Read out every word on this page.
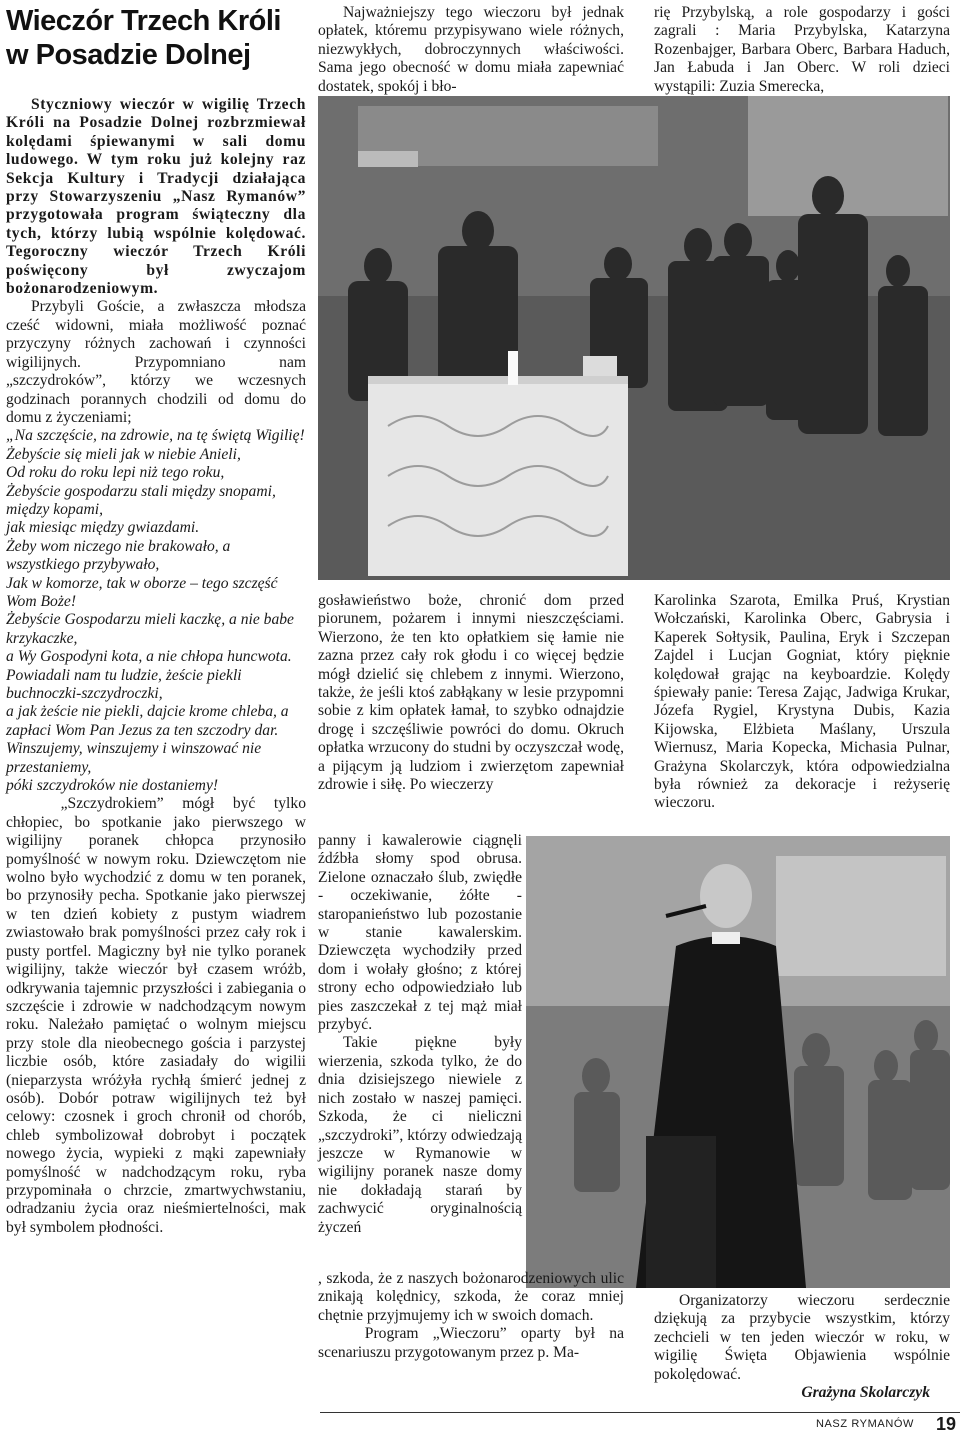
Wieczór Trzech Króli w Posadzie Dolnej

Styczniowy wieczór w wigilię Trzech Króli na Posadzie Dolnej rozbrzmiewał kolędami śpiewanymi w sali domu ludowego. W tym roku już kolejny raz Sekcja Kultury i Tradycji działająca przy Stowarzyszeniu „Nasz Rymanów” przygotowała program świąteczny dla tych, którzy lubią wspólnie kolędować. Tegoroczny wieczór Trzech Króli poświęcony był zwyczajom bożonarodzeniowym.

Przybyli Goście, a zwłaszcza młodsza cześć widowni, miała możliwość poznać przyczyny różnych zachowań i czynności wigilijnych. Przypomniano nam „szczydroków”, którzy we wczesnych godzinach porannych chodzili od domu do domu z życzeniami;

„Na szczęście, na zdrowie, na tę świętą Wigilię!

Żebyście się mieli jak w niebie Anieli,

Od roku do roku lepi niż tego roku,

Żebyście gospodarzu stali między snopami, między kopami,

jak miesiąc między gwiazdami.

Żeby wom niczego nie brakowało, a wszystkiego przybywało,

Jak w komorze, tak w oborze – tego szczęść Wom Boże!

Żebyście Gospodarzu mieli kaczkę, a nie babe krzykaczke,

a Wy Gospodyni kota, a nie chłopa huncwota.

Powiadali nam tu ludzie, żeście piekli buchnoczki-szczydroczki,

a jak żeście nie piekli, dajcie krome chleba, a zapłaci Wom Pan Jezus za ten szczodry dar.

Winszujemy, winszujemy i winszować nie przestaniemy,

póki szczydroków nie dostaniemy!

„Szczydrokiem” mógł być tylko chłopiec, bo spotkanie jako pierwszego w wigilijny poranek chłopca przynosiło pomyślność w nowym roku. Dziewczętom nie wolno było wychodzić z domu w ten poranek, bo przynosiły pecha. Spotkanie jako pierwszej w ten dzień kobiety z pustym wiadrem zwiastowało brak pomyślności przez cały rok i pusty portfel. Magiczny był nie tylko poranek wigilijny, także wieczór był czasem wróżb, odkrywania tajemnic przyszłości i zabiegania o szczęście i zdrowie w nadchodzącym nowym roku. Należało pamiętać o wolnym miejscu przy stole dla nieobecnego gościa i parzystej liczbie osób, które zasiadały do wigilii (nieparzysta wróżyła rychłą śmierć jednej z osób). Dobór potraw wigilijnych też był celowy: czosnek i groch chronił od chorób, chleb symbolizował dobrobyt i początek nowego życia, wypieki z mąki zapewniały pomyślność w nadchodzącym roku, ryba przypominała o chrzcie, zmartwychwstaniu, odradzaniu życia oraz nieśmiertelności, mak był symbolem płodności.

Najważniejszy tego wieczoru był jednak opłatek, któremu przypisywano wiele różnych, niezwykłych, dobroczynnych właściwości. Sama jego obecność w domu miała zapewniać dostatek, spokój i bło-

rię Przybylską, a role gospodarzy i gości zagrali : Maria Przybylska, Katarzyna Rozenbajger, Barbara Oberc, Barbara Haduch, Jan Łabuda i Jan Oberc. W roli dzieci wystąpili: Zuzia Smerecka,

gosławieństwo boże, chronić dom przed piorunem, pożarem i innymi nieszczęściami. Wierzono, że ten kto opłatkiem się łamie nie zazna przez cały rok głodu i co więcej będzie mógł dzielić się chlebem z innymi. Wierzono, także, że jeśli ktoś zabłąkany w lesie przypomni sobie z kim opłatek łamał, to szybko odnajdzie drogę i szczęśliwie powróci do domu. Okruch opłatka wrzucony do studni by oczyszczał wodę, a pijącym ją ludziom i zwierzętom zapewniał zdrowie i siłę. Po wieczerzy

Karolinka Szarota, Emilka Pruś, Krystian Wołczański, Karolinka Oberc, Gabrysia i Kaperek Sołtysik, Paulina, Eryk i Szczepan Zajdel i Lucjan Gogniat, który pięknie kolędował grając na keyboardzie. Kolędy śpiewały panie: Teresa Zając, Jadwiga Krukar, Józefa Rygiel, Krystyna Dubis, Kazia Kijowska, Elżbieta Maślany, Urszula Wiernusz, Maria Kopecka, Michasia Pulnar, Grażyna Skolarczyk, która odpowiedzialna była również za dekoracje i reżyserię wieczoru.

panny i kawalerowie ciągnęli źdźbła słomy spod obrusa. Zielone oznaczało ślub, zwiędłe - oczekiwanie, żółte - staropanieństwo lub pozostanie w stanie kawalerskim. Dziewczęta wychodziły przed dom i wołały głośno; z której strony echo odpowiedziało lub pies zaszczekał z tej mąż miał przybyć.

Takie piękne były wierzenia, szkoda tylko, że do dnia dzisiejszego niewiele z nich zostało w naszej pamięci. Szkoda, że ci nieliczni „szczydroki”, którzy odwiedzają jeszcze w Rymanowie w wigilijny poranek nasze domy nie dokładają starań by zachwycić oryginalnością życzeń

, szkoda, że z naszych bożonarodzeniowych ulic znikają kolędnicy, szkoda, że coraz mniej chętnie przyjmujemy ich w swoich domach.

Program „Wieczoru” oparty był na scenariuszu przygotowanym przez p. Ma-

Organizatorzy wieczoru serdecznie dziękują za przybycie wszystkim, którzy zechcieli w ten jeden wieczór w roku, w wigilię Święta Objawienia wspólnie pokolędować.

Grażyna Skolarczyk

NASZ RYMANÓW 19
